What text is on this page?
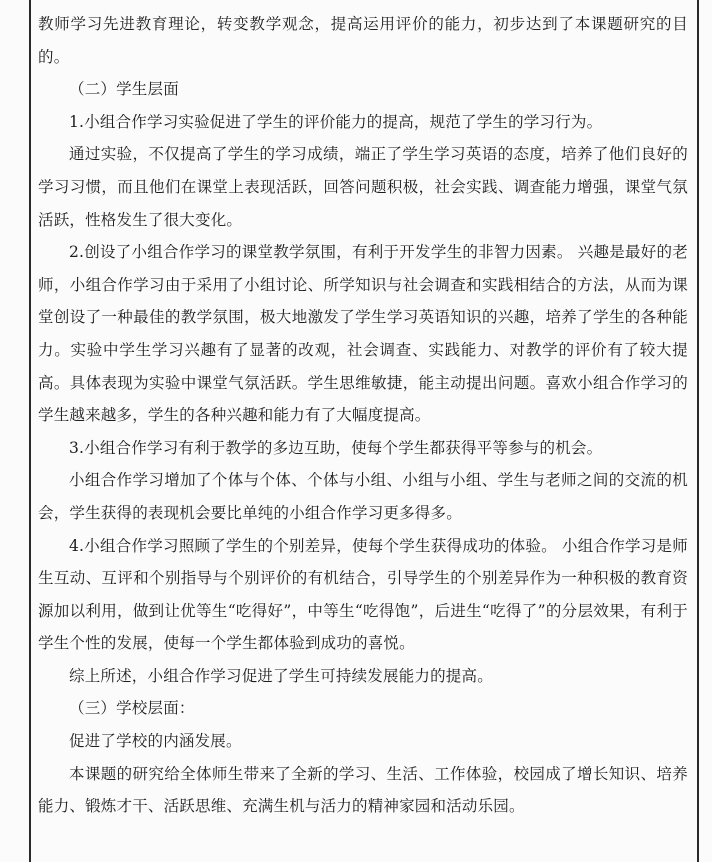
教师学习先进教育理论，转变教学观念，提高运用评价的能力，初步达到了本课题研究的目的。

（二）学生层面

1.小组合作学习实验促进了学生的评价能力的提高，规范了学生的学习行为。

通过实验，不仅提高了学生的学习成绩，端正了学生学习英语的态度，培养了他们良好的学习习惯，而且他们在课堂上表现活跃，回答问题积极，社会实践、调查能力增强，课堂气氛活跃，性格发生了很大变化。

2.创设了小组合作学习的课堂教学氛围，有利于开发学生的非智力因素。 兴趣是最好的老师，小组合作学习由于采用了小组讨论、所学知识与社会调查和实践相结合的方法，从而为课堂创设了一种最佳的教学氛围，极大地激发了学生学习英语知识的兴趣，培养了学生的各种能力。实验中学生学习兴趣有了显著的改观，社会调查、实践能力、对教学的评价有了较大提高。具体表现为实验中课堂气氛活跃。学生思维敏捷，能主动提出问题。喜欢小组合作学习的学生越来越多，学生的各种兴趣和能力有了大幅度提高。

3.小组合作学习有利于教学的多边互助，使每个学生都获得平等参与的机会。

小组合作学习增加了个体与个体、个体与小组、小组与小组、学生与老师之间的交流的机会，学生获得的表现机会要比单纯的小组合作学习更多得多。

4.小组合作学习照顾了学生的个别差异，使每个学生获得成功的体验。 小组合作学习是师生互动、互评和个别指导与个别评价的有机结合，引导学生的个别差异作为一种积极的教育资源加以利用，做到让优等生“吃得好”，中等生“吃得饱”，后进生“吃得了”的分层效果，有利于学生个性的发展，使每一个学生都体验到成功的喜悦。

综上所述，小组合作学习促进了学生可持续发展能力的提高。

（三）学校层面：

促进了学校的内涵发展。

本课题的研究给全体师生带来了全新的学习、生活、工作体验，校园成了增长知识、培养能力、锻炼才干、活跃思维、充满生机与活力的精神家园和活动乐园。
